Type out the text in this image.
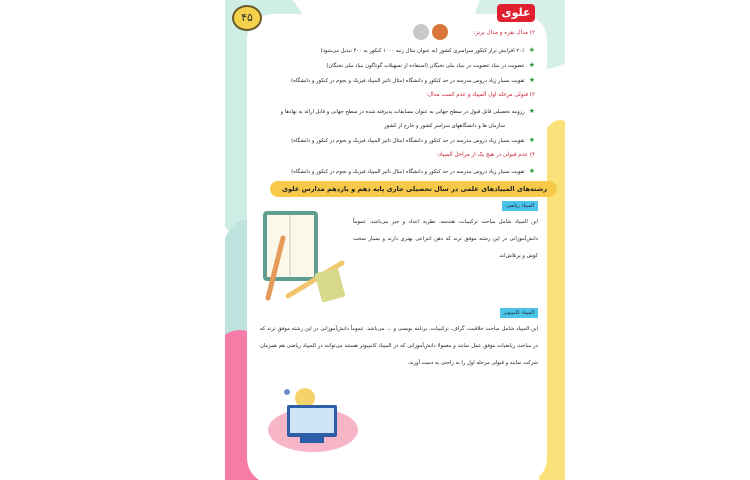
۴۵	علوی
۲) مدال نقره و مدال برنز:
★۲۰٪ افزایش تراز کنکور سراسری کشور (به عنوان مثال رتبه ۱۰۰۰ کنکور به ۴۰۰ تبدیل می‌شود)
★عضویت در بنیاد عضویت در بنیاد ملی نخبگان (استفاده از تسهیلات گوناگون بنیاد ملی نخبگان)
★تقویت بسیار زیاد دروس مدرسه در حد کنکور و دانشگاه (مثال تاثیر المپیاد فیزیک و نجوم در کنکور و دانشگاه)
۳) قبولی مرحله اول المپیاد و عدم کسب مدال:
★رزومه تحصیلی قابل قبول در سطح جهانی به عنوان مسابقات پذیرفته شده در سطح جهانی و قابل ارائه به نهادها و
سازمان ها و دانشگاههای سراسر کشور و خارج از کشور
★تقویت بسیار زیاد دروس مدرسه در حد کنکور و دانشگاه (مثال تاثیر المپیاد فیزیک و نجوم در کنکور و دانشگاه)
۴) عدم قبولی در هیچ یک از مراحل المپیاد:
★تقویت بسیار زیاد دروس مدرسه در حد کنکور و دانشگاه (مثال تاثیر المپیاد فیزیک و نجوم در کنکور و دانشگاه)
رشته‌های المپیادهای علمی در سال تحصیلی جاری پایه دهم و یازدهم مدارس علوی
المپیاد ریاضی
این المپیاد شامل مباحث ترکیبیات، هندسه، نظریه اعداد و جبر می‌باشد. عموماً دانش‌آموزانی در این رشته موفق ترند که ذهن انتزاعی بهتری دارند و بسیار سخت کوش و پرتلاش‌اند.
المپیاد کامپیوتر
این المپیاد شامل مباحث خلاقیت، گراف، ترکیبیات، برنامه نویسی و ... می‌باشد. عموماً دانش‌آموزانی در این رشته موفق ترند که در مباحث ریاضیات موفق عمل نمایند و معمولا دانش‌آموزانی که در المپیاد کامپیوتر هستند می‌توانند در المپیاد ریاضی هم همزمان شرکت نمایند و قبولی مرحله اول را به راحتی به دست آورند.
